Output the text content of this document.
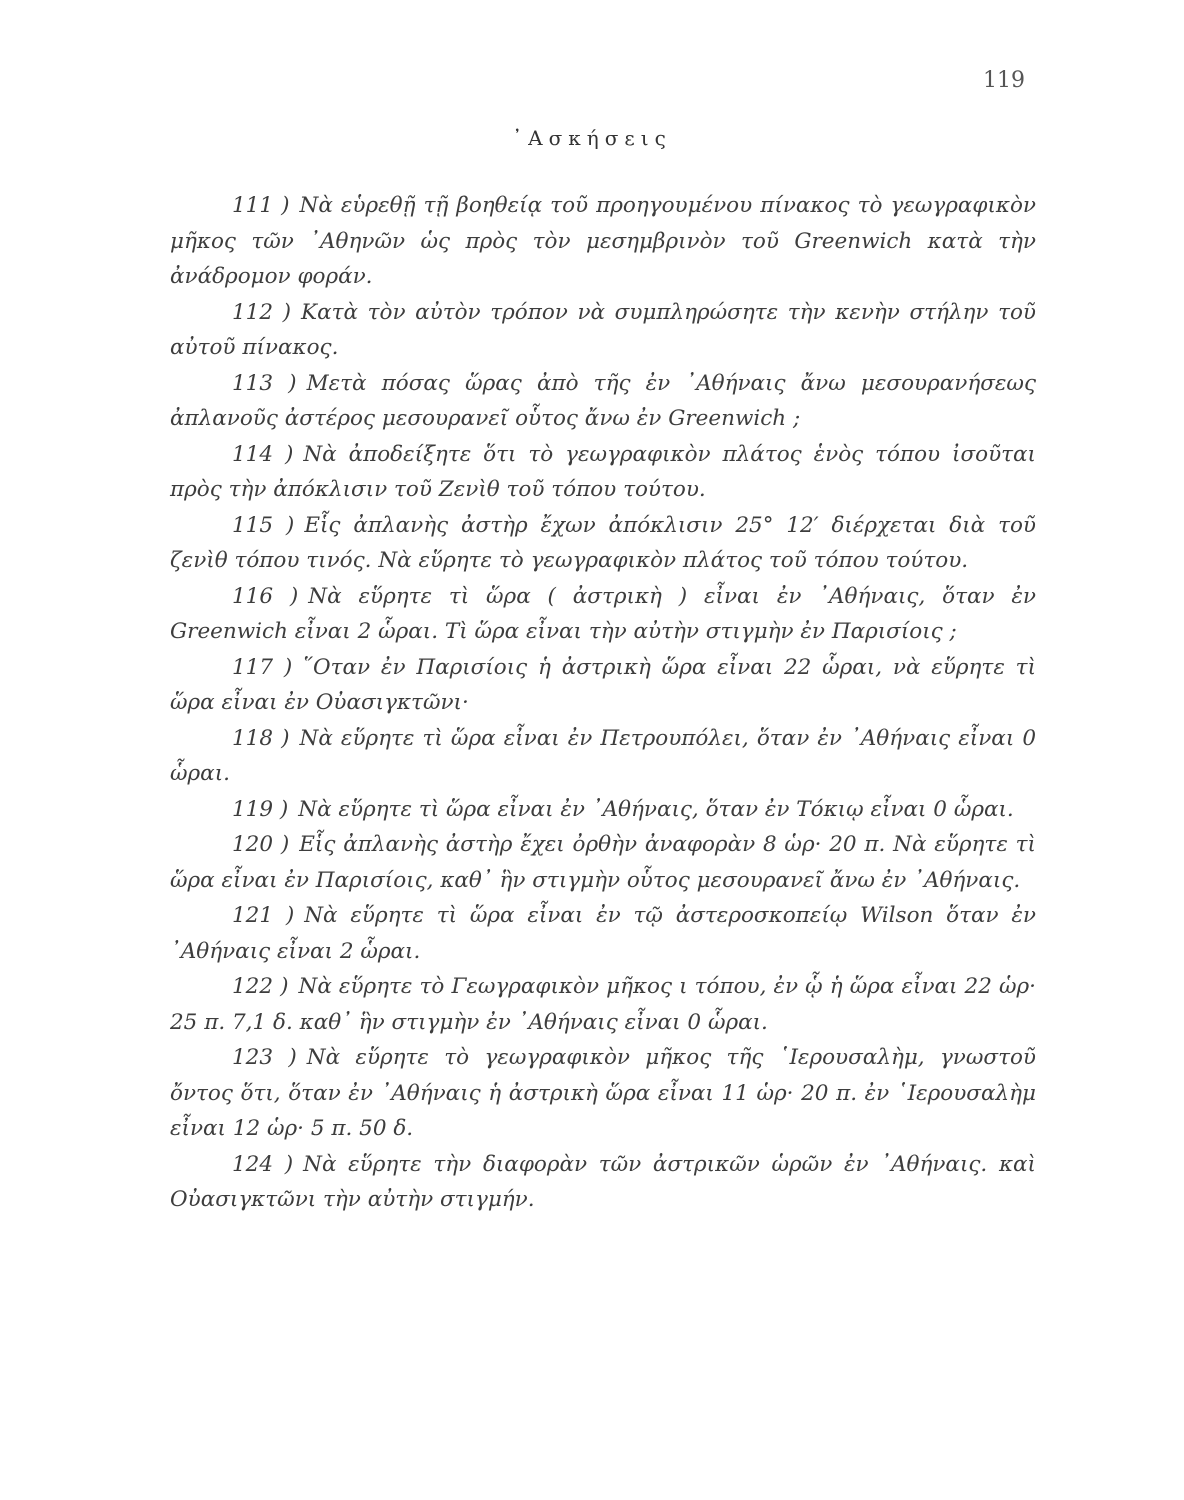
119
᾿Ασκήσεις

111 ) Νὰ εὑρεθῇ τῇ βοηθείᾳ τοῦ προηγουμένου πίνακος τὸ γεωγραφικὸν μῆκος τῶν ᾿Αθηνῶν ὡς πρὸς τὸν μεσημβρινὸν τοῦ Greenwich κατὰ τὴν ἀνάδρομον φοράν.

112 ) Κατὰ τὸν αὐτὸν τρόπον νὰ συμπληρώσητε τὴν κενὴν στήλην τοῦ αὐτοῦ πίνακος.

113 ) Μετὰ πόσας ὥρας ἀπὸ τῆς ἐν ᾿Αθήναις ἄνω μεσουρανήσεως ἀπλανοῦς ἀστέρος μεσουρανεῖ οὗτος ἄνω ἐν Greenwich ;

114 ) Νὰ ἀποδείξητε ὅτι τὸ γεωγραφικὸν πλάτος ἑνὸς τόπου ἰσοῦται πρὸς τὴν ἀπόκλισιν τοῦ Ζενὶθ τοῦ τόπου τούτου.

115 ) Εἷς ἀπλανὴς ἀστὴρ ἔχων ἀπόκλισιν 25° 12′ διέρχεται διὰ τοῦ ζενὶθ τόπου τινός. Νὰ εὕρητε τὸ γεωγραφικὸν πλάτος τοῦ τόπου τούτου.

116 ) Νὰ εὕρητε τὶ ὥρα ( ἀστρικὴ ) εἶναι ἐν ᾿Αθήναις, ὅταν ἐν Greenwich εἶναι 2 ὧραι. Τὶ ὥρα εἶναι τὴν αὐτὴν στιγμὴν ἐν Παρισίοις ;

117 ) ῞Οταν ἐν Παρισίοις ἡ ἀστρικὴ ὥρα εἶναι 22 ὧραι, νὰ εὕρητε τὶ ὥρα εἶναι ἐν Οὐασιγκτῶνι·

118 ) Νὰ εὕρητε τὶ ὥρα εἶναι ἐν Πετρουπόλει, ὅταν ἐν ᾿Αθήναις εἶναι 0 ὧραι.

119 ) Νὰ εὕρητε τὶ ὥρα εἶναι ἐν ᾿Αθήναις, ὅταν ἐν Τόκιῳ εἶναι 0 ὧραι.

120 ) Εἷς ἀπλανὴς ἀστὴρ ἔχει ὀρθὴν ἀναφορὰν 8 ὡρ· 20 π. Νὰ εὕρητε τὶ ὥρα εἶναι ἐν Παρισίοις, καθ᾿ ἣν στιγμὴν οὗτος μεσουρανεῖ ἄνω ἐν ᾿Αθήναις.

121 ) Νὰ εὕρητε τὶ ὥρα εἶναι ἐν τῷ ἀστεροσκοπείῳ Wilson ὅταν ἐν ᾿Αθήναις εἶναι 2 ὧραι.

122 ) Νὰ εὕρητε τὸ Γεωγραφικὸν μῆκος ι τόπου, ἐν ᾧ ἡ ὥρα εἶναι 22 ὡρ· 25 π. 7,1 δ. καθ᾿ ἣν στιγμὴν ἐν ᾿Αθήναις εἶναι 0 ὧραι.

123 ) Νὰ εὕρητε τὸ γεωγραφικὸν μῆκος τῆς ῾Ιερουσαλὴμ, γνωστοῦ ὄντος ὅτι, ὅταν ἐν ᾿Αθήναις ἡ ἀστρικὴ ὥρα εἶναι 11 ὡρ· 20 π. ἐν ῾Ιερουσαλὴμ εἶναι 12 ὡρ· 5 π. 50 δ.

124 ) Νὰ εὕρητε τὴν διαφορὰν τῶν ἀστρικῶν ὡρῶν ἐν ᾿Αθήναις. καὶ Οὐασιγκτῶνι τὴν αὐτὴν στιγμήν.
